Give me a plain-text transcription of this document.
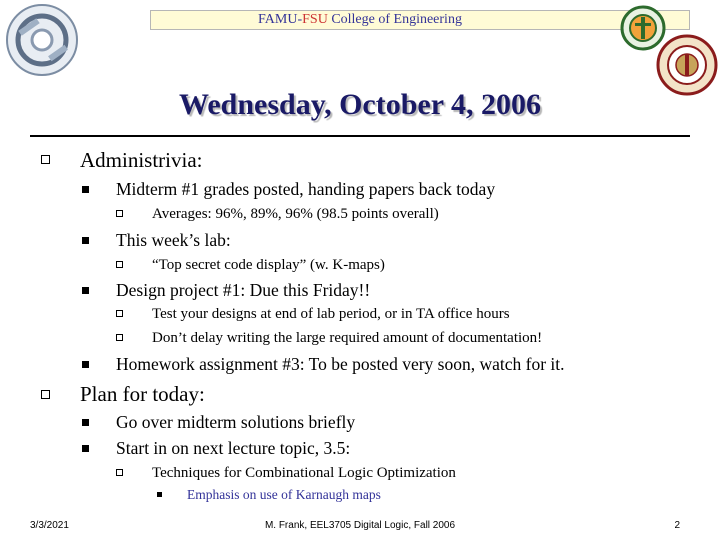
FAMU-FSU College of Engineering
Wednesday, October 4, 2006
Administrivia:
Midterm #1 grades posted, handing papers back today
Averages: 96%, 89%, 96% (98.5 points overall)
This week’s lab:
“Top secret code display” (w. K-maps)
Design project #1: Due this Friday!!
Test your designs at end of lab period, or in TA office hours
Don’t delay writing the large required amount of documentation!
Homework assignment #3: To be posted very soon, watch for it.
Plan for today:
Go over midterm solutions briefly
Start in on next lecture topic, 3.5:
Techniques for Combinational Logic Optimization
Emphasis on use of Karnaugh maps
3/3/2021	M. Frank, EEL3705 Digital Logic, Fall 2006	2
